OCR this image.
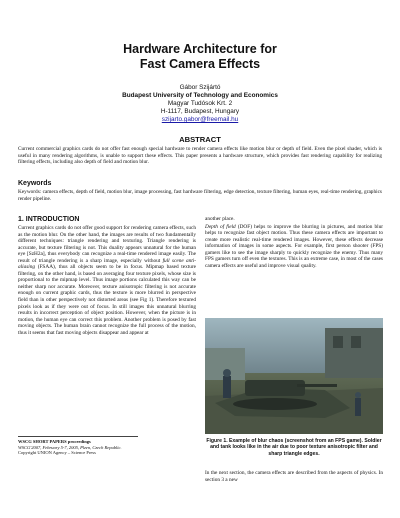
Hardware Architecture for
Fast Camera Effects
Gábor Szijártó
Budapest University of Technology and Economics
Magyar Tudósok Krt. 2
H-1117, Budapest, Hungary
szijarto.gabor@freemail.hu
ABSTRACT
Current commercial graphics cards do not offer fast enough special hardware to render camera effects like motion blur or depth of field. Even the pixel shader, which is useful in many rendering algorithms, is unable to support these effects. This paper presents a hardware structure, which provides fast rendering capability for realizing filtering effects, including also depth of field and motion blur.
Keywords
Keywords: camera effects, depth of field, motion blur, image processing, fast hardware filtering, edge detection, texture filtering, human eyes, real-time rendering, graphics render pipeline.
1. INTRODUCTION
Current graphics cards do not offer good support for rendering camera effects, such as the motion blur. On the other hand, the images are results of two fundamentally different techniques: triangle rendering and texturing. Triangle rendering is accurate, but texture filtering is not. This duality appears unnatural for the human eye [SzH2a], thus everybody can recognize a real-time rendered image easily. The result of triangle rendering is a sharp image, especially without full scene anti-aliasing (FSAA), thus all objects seem to be in focus. Mipmap based texture filtering, on the other hand, is based on averaging four texture pixels, whose size is proportional to the mipmap level. Thus image portions calculated this way can be neither sharp nor accurate. Moreover, texture anisotropic filtering is not accurate enough on current graphic cards, thus the texture is more blurred in perspective field than in other perspectively not distorted areas (see Fig 1). Therefore textured pixels look as if they were out of focus. In still images this unnatural blurring results in incorrect perception of object position. However, when the picture is in motion, the human eye can correct this problem. Another problem is posed by fast moving objects. The human brain cannot recognize the full process of the motion, thus it seems that fast moving objects disappear and appear at
WSCG SHORT PAPERS proceedings
WSCG'2007, February 5-7, 2005, Plzen, Czech Republic.
Copyright UNION Agency – Science Press

another place.

Depth of field (DOF) helps to improve the blurring in pictures, and motion blur helps to recognize fast object motion. Thus these camera effects are important to create more realistic real-time rendered images. However, these effects decrease information of images in some aspects. For example, first person shooter (FPS) gamers like to see the image sharply to quickly recognize the enemy. Thus many FPS gamers turn off even the textures. This is an extreme case, in most of the cases camera effects are useful and improve visual quality.

Figure 1. Example of blur chaos (screenshot from an FPS game). Soldier and tank looks like in the air due to poor texture anisotropic filter and sharp triangle edges.
In the next section, the camera effects are described from the aspects of physics. In section 3 a new
